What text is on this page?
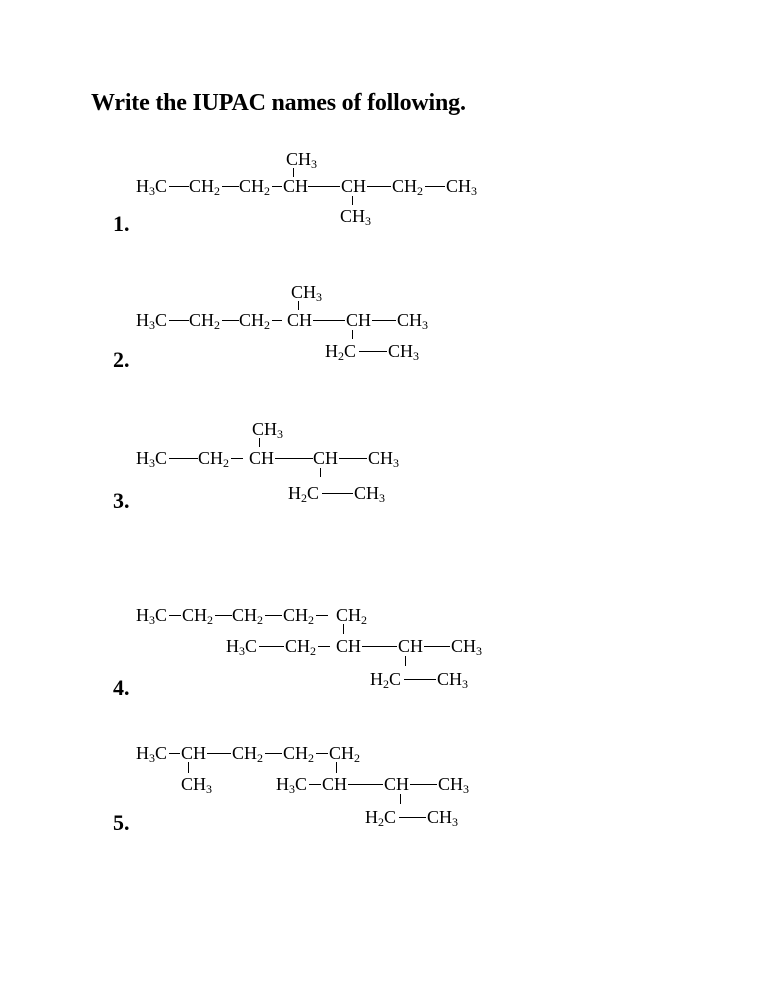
Write the IUPAC names of following.
1.
$CH_3$
$H_3C$ $CH_2$ $CH_2$ CH CH $CH_2$ $CH_3$
$CH_3$
2.
$CH_3$
$H_3C$ $CH_2$ $CH_2$ CH CH $CH_3$
$H_2C$ $CH_3$
3.
$CH_3$
$H_3C$ $CH_2$ CH CH $CH_3$
$H_2C$ $CH_3$
4.
$H_3C$ $CH_2$ $CH_2$ $CH_2$ $CH_2$
$H_3C$ $CH_2$ CH CH $CH_3$
$H_2C$ $CH_3$
5.
$H_3C$ CH $CH_2$ $CH_2$ $CH_2$
$CH_3$	$H_3C$ CH CH $CH_3$
$H_2C$ $CH_3$
